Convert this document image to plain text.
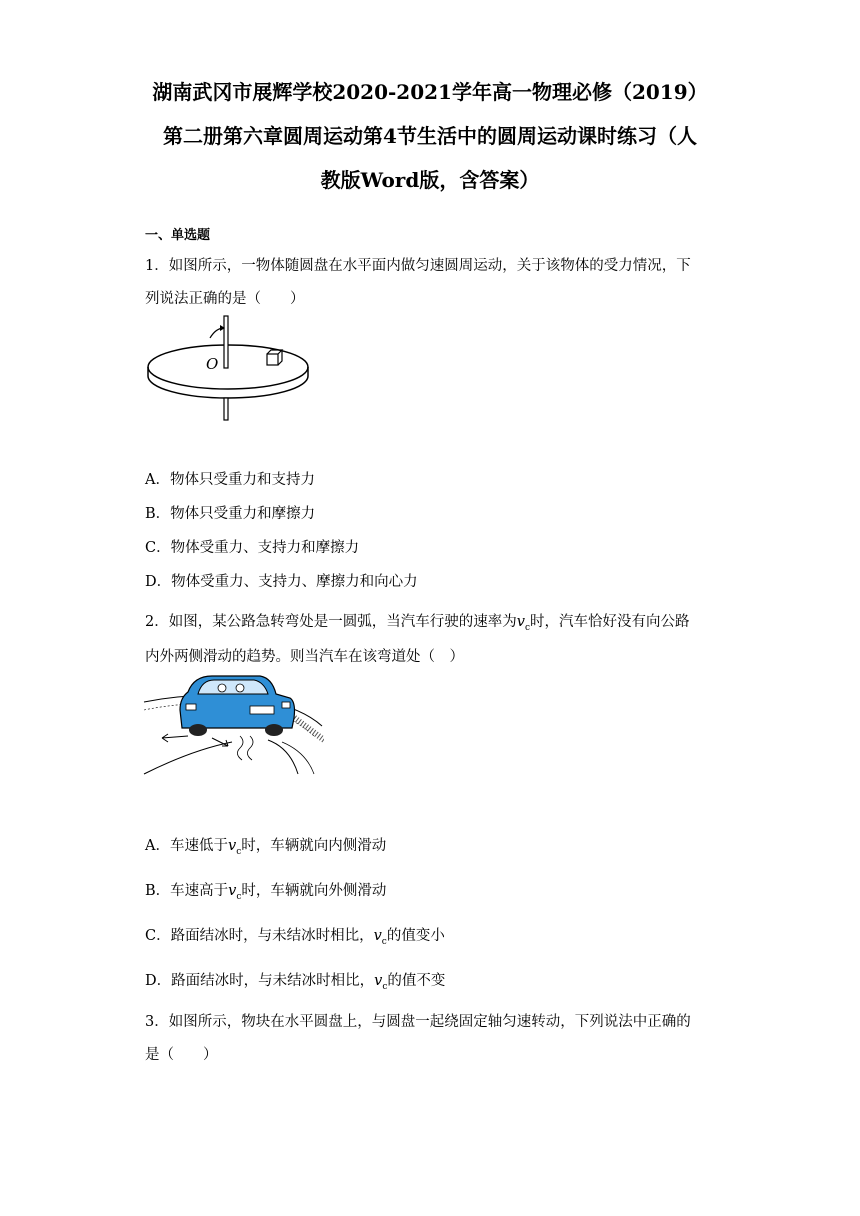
湖南武冈市展辉学校2020-2021学年高一物理必修（2019）
第二册第六章圆周运动第4节生活中的圆周运动课时练习（人
教版Word版，含答案）
一、单选题
1．如图所示，一物体随圆盘在水平面内做匀速圆周运动，关于该物体的受力情况，下
列说法正确的是（　　）
O
A．物体只受重力和支持力
B．物体只受重力和摩擦力
C．物体受重力、支持力和摩擦力
D．物体受重力、支持力、摩擦力和向心力
2．如图，某公路急转弯处是一圆弧，当汽车行驶的速率为$v_c$时，汽车恰好没有向公路
内外两侧滑动的趋势。则当汽车在该弯道处（　）
A．车速低于$v_c$时，车辆就向内侧滑动
B．车速高于$v_c$时，车辆就向外侧滑动
C．路面结冰时，与未结冰时相比，$v_c$的值变小
D．路面结冰时，与未结冰时相比，$v_c$的值不变
3．如图所示，物块在水平圆盘上，与圆盘一起绕固定轴匀速转动，下列说法中正确的
是（　　）
